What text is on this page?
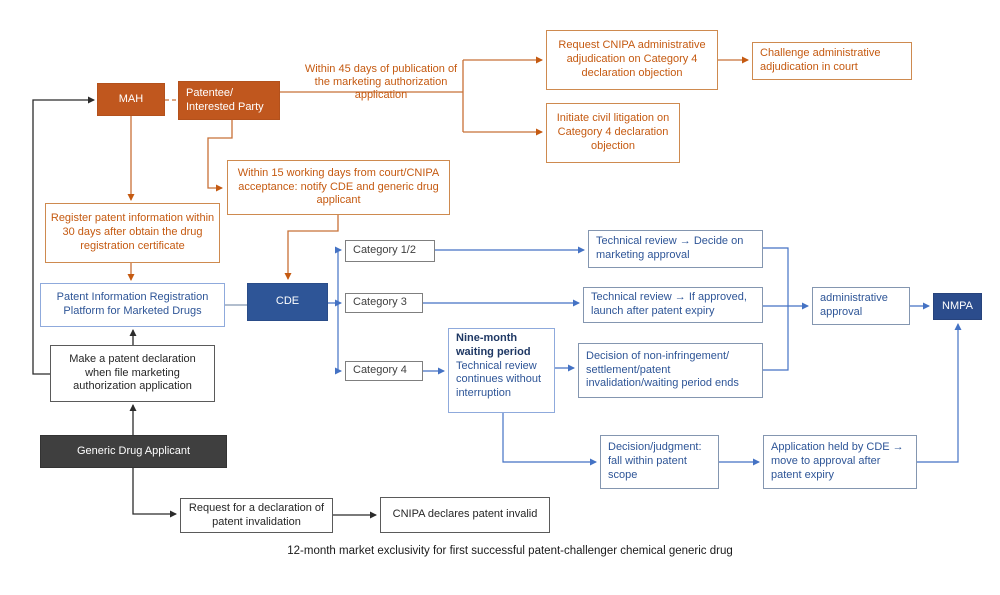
MAH	Patentee/ Interested Party
Within 45 days of publication of the marketing authorization application
Request CNIPA administrative adjudication on Category 4 declaration objection
Challenge administrative adjudication in court
Initiate civil litigation on Category 4 declaration objection
Within 15 working days from court/CNIPA acceptance: notify CDE and generic drug applicant
Register patent information within 30 days after obtain the drug registration certificate
Patent Information Registration Platform for Marketed Drugs
Make a patent declaration when file marketing authorization application
Generic Drug Applicant
Request for a declaration of patent invalidation
CNIPA declares patent invalid
CDE	NMPA
Category 1/2
Category 3
Category 4
Nine-month waiting period
Technical review continues without interruption
Technical review → Decide on marketing approval
Technical review → If approved, launch after patent expiry
Decision of non-infringement/ settlement/patent invalidation/waiting period ends
administrative approval
Decision/judgment: fall within patent scope
Application held by CDE → move to approval after patent expiry
12-month market exclusivity for first successful patent-challenger chemical generic drug
